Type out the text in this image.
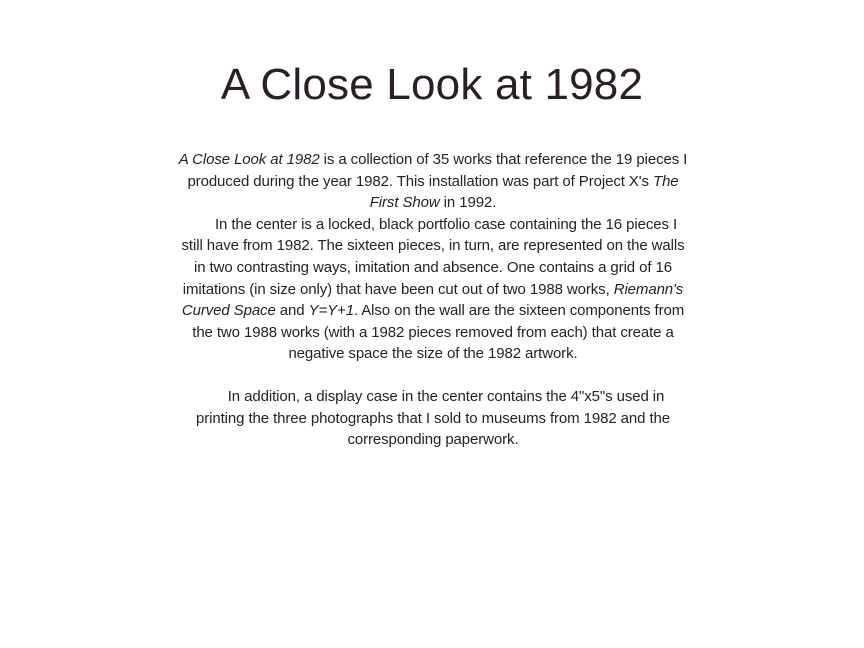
A Close Look at 1982

A Close Look at 1982 is a collection of 35 works that reference the 19 pieces I produced during the year 1982. This installation was part of Project X's The First Show in 1992.
In the center is a locked, black portfolio case containing the 16 pieces I still have from 1982. The sixteen pieces, in turn, are represented on the walls in two contrasting ways, imitation and absence. One contains a grid of 16 imitations (in size only) that have been cut out of two 1988 works, Riemann's Curved Space and Y=Y+1. Also on the wall are the sixteen components from the two 1988 works (with a 1982 pieces removed from each) that create a negative space the size of the 1982 artwork.

In addition, a display case in the center contains the 4"x5"s used in printing the three photographs that I sold to museums from 1982 and the corresponding paperwork.
